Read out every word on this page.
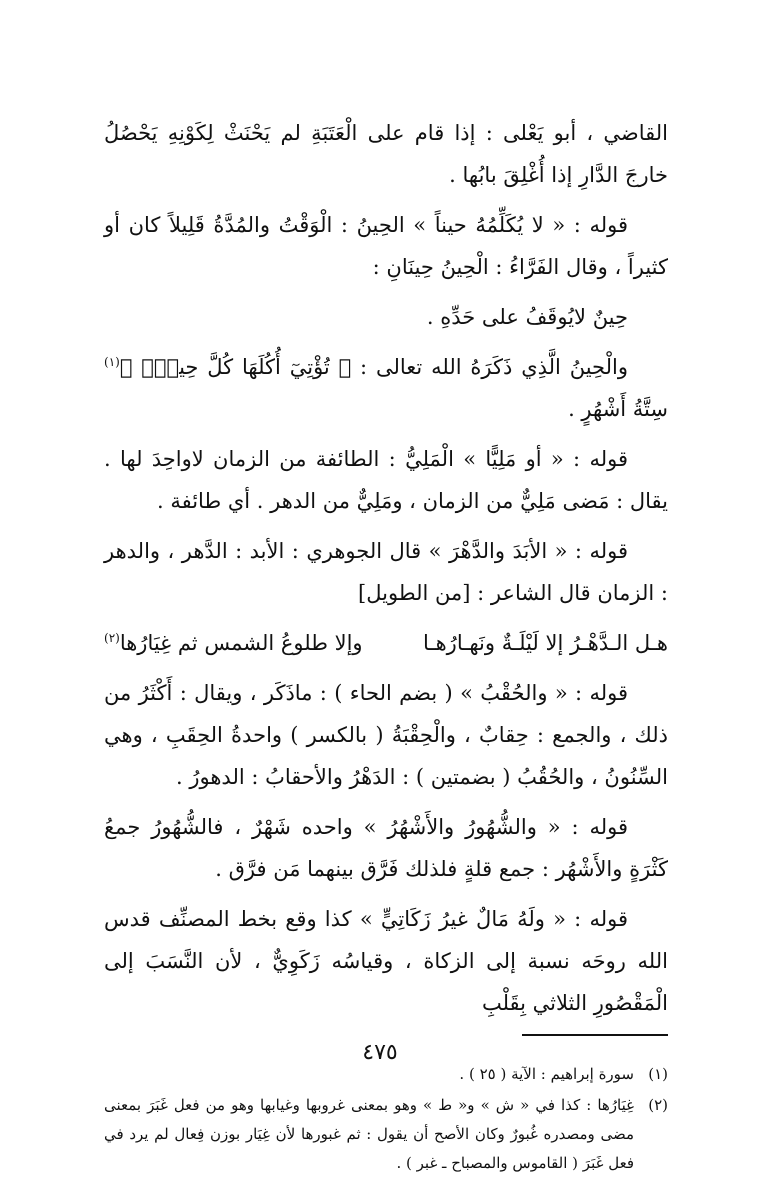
القاضي ، أبو يَعْلى : إذا قام على الْعَتَبَةِ لم يَحْنَثْ لِكَوْنِهِ يَحْصُلُ خارجَ الدَّارِ إذا أُغْلِقَ بابُها .

قوله : « لا يُكَلِّمُهُ حيناً » الحِينُ : الْوَقْتُ والمُدَّةُ قَلِيلاً كان أو كثيراً ، وقال الفَرَّاءُ : الْحِينُ حِينَانِ :

حِينٌ لايُوقَفُ على حَدِّهِ .

والْحِينُ الَّذِي ذَكَرَهُ الله تعالى : ﴿ تُؤْتِيٓ أُكُلَهَا كُلَّ حِينِۭ ﴾$^{(١)}$ سِتَّةُ أَشْهُرٍ .

قوله : « أو مَلِيًّا » الْمَلِيُّ : الطائفة من الزمان لاواحِدَ لها . يقال : مَضى مَلِيٌّ من الزمان ، ومَلِيٌّ من الدهر . أي طائفة .

قوله : « الأبَدَ والدَّهْرَ » قال الجوهري : الأبد : الدَّهر ، والدهر : الزمان قال الشاعر : [من الطويل]

هـل الـدَّهْـرُ إلا لَيْلَـةٌ ونَهـارُهـا
وإلا طلوعُ الشمس ثم غِيَارُها$^{(٢)}$

قوله : « والحُقْبُ » ( بضم الحاء ) : ماذَكَر ، ويقال : أَكْثَرُ من ذلك ، والجمع : حِقابٌ ، والْحِقْبَةُ ( بالكسر ) واحدةُ الحِقَبِ ، وهي السِّنُونُ ، والحُقُبُ ( بضمتين ) : الدَهْرُ والأحقابُ : الدهورُ .

قوله : « والشُّهُورُ والأَشْهُرُ » واحده شَهْرٌ ، فالشُّهُورُ جمعُ كَثْرَةٍ والأَشْهُر : جمع قلةٍ فلذلك فَرَّق بينهما مَن فرَّق .

قوله : « ولَهُ مَالٌ غيرُ زَكَاتِيٍّ » كذا وقع بخط المصنِّف قدس الله روحَه نسبة إلى الزكاة ، وقياسُه زَكَوِيٌّ ، لأن النَّسَبَ إلى الْمَقْصُورِ الثلاثي بِقَلْبِ

(١)
سورة إبراهيم : الآية ( ٢٥ ) .
(٢)
غِيَارُها : كذا في « ش » و« ط » وهو بمعنى غروبها وغيابها وهو من فعل غَبَرَ بمعنى مضى ومصدره غُبورٌ وكان الأصح أن يقول : ثم غبورها لأن غِيَار بوزن فِعال لم يرد في فعل غَبَرَ ( القاموس والمصباح ـ غبر ) .
٤٧٥
